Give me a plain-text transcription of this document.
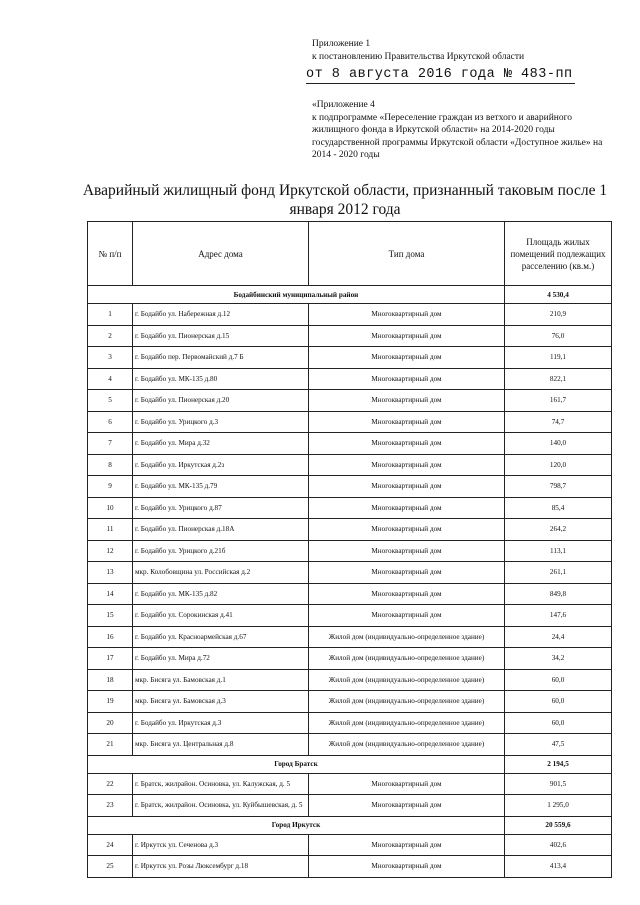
Приложение 1
к постановлению Правительства Иркутской области
от 8 августа 2016 года № 483-пп
«Приложение 4
к подпрограмме «Переселение граждан из ветхого и аварийного жилищного фонда в Иркутской области» на 2014-2020 годы государственной программы Иркутской области «Доступное жилье» на 2014 - 2020 годы
Аварийный жилищный фонд Иркутской области, признанный таковым после 1 января 2012 года
№ п/п	Адрес дома	Тип дома	Площадь жилых помещений подлежащих расселению (кв.м.)
Бодайбинский муниципальный район			4 530,4
1	г. Бодайбо ул. Набережная д.12	Многоквартирный дом	210,9
2	г. Бодайбо ул. Пионерская д.15	Многоквартирный дом	76,0
3	г. Бодайбо пер. Первомайский д.7 Б	Многоквартирный дом	119,1
4	г. Бодайбо ул. МК-135 д.80	Многоквартирный дом	822,1
5	г. Бодайбо ул. Пионерская д.20	Многоквартирный дом	161,7
6	г. Бодайбо ул. Урицкого д.3	Многоквартирный дом	74,7
7	г. Бодайбо ул. Мира д.32	Многоквартирный дом	140,0
8	г. Бодайбо ул. Иркутская д.2з	Многоквартирный дом	120,0
9	г. Бодайбо ул. МК-135 д.79	Многоквартирный дом	798,7
10	г. Бодайбо ул. Урицкого д.87	Многоквартирный дом	85,4
11	г. Бодайбо ул. Пионерская д.18А	Многоквартирный дом	264,2
12	г. Бодайбо ул. Урицкого д.21б	Многоквартирный дом	113,1
13	мкр. Колобовщина ул. Российская д.2	Многоквартирный дом	261,1
14	г. Бодайбо ул. МК-135 д.82	Многоквартирный дом	849,8
15	г. Бодайбо ул. Сорокинская д.41	Многоквартирный дом	147,6
16	г. Бодайбо ул. Красноармейская д.67	Жилой дом (индивидуально-определенное здание)	24,4
17	г. Бодайбо ул. Мира д.72	Жилой дом (индивидуально-определенное здание)	34,2
18	мкр. Бисяга ул. Бамовская д.1	Жилой дом (индивидуально-определенное здание)	60,0
19	мкр. Бисяга ул. Бамовская д.3	Жилой дом (индивидуально-определенное здание)	60,0
20	г. Бодайбо ул. Иркутская д.3	Жилой дом (индивидуально-определенное здание)	60,0
21	мкр. Бисяга ул. Центральная д.8	Жилой дом (индивидуально-определенное здание)	47,5
Город Братск			2 194,5
22	г. Братск, жилрайон. Осиновка, ул. Калужская, д. 5	Многоквартирный дом	901,5
23	г. Братск, жилрайон. Осиновка, ул. Куйбышевская, д. 5	Многоквартирный дом	1 295,0
Город Иркутск			20 559,6
24	г. Иркутск ул. Сеченова д.3	Многоквартирный дом	402,6
25	г. Иркутск ул. Розы Люксембург д.18	Многоквартирный дом	413,4
